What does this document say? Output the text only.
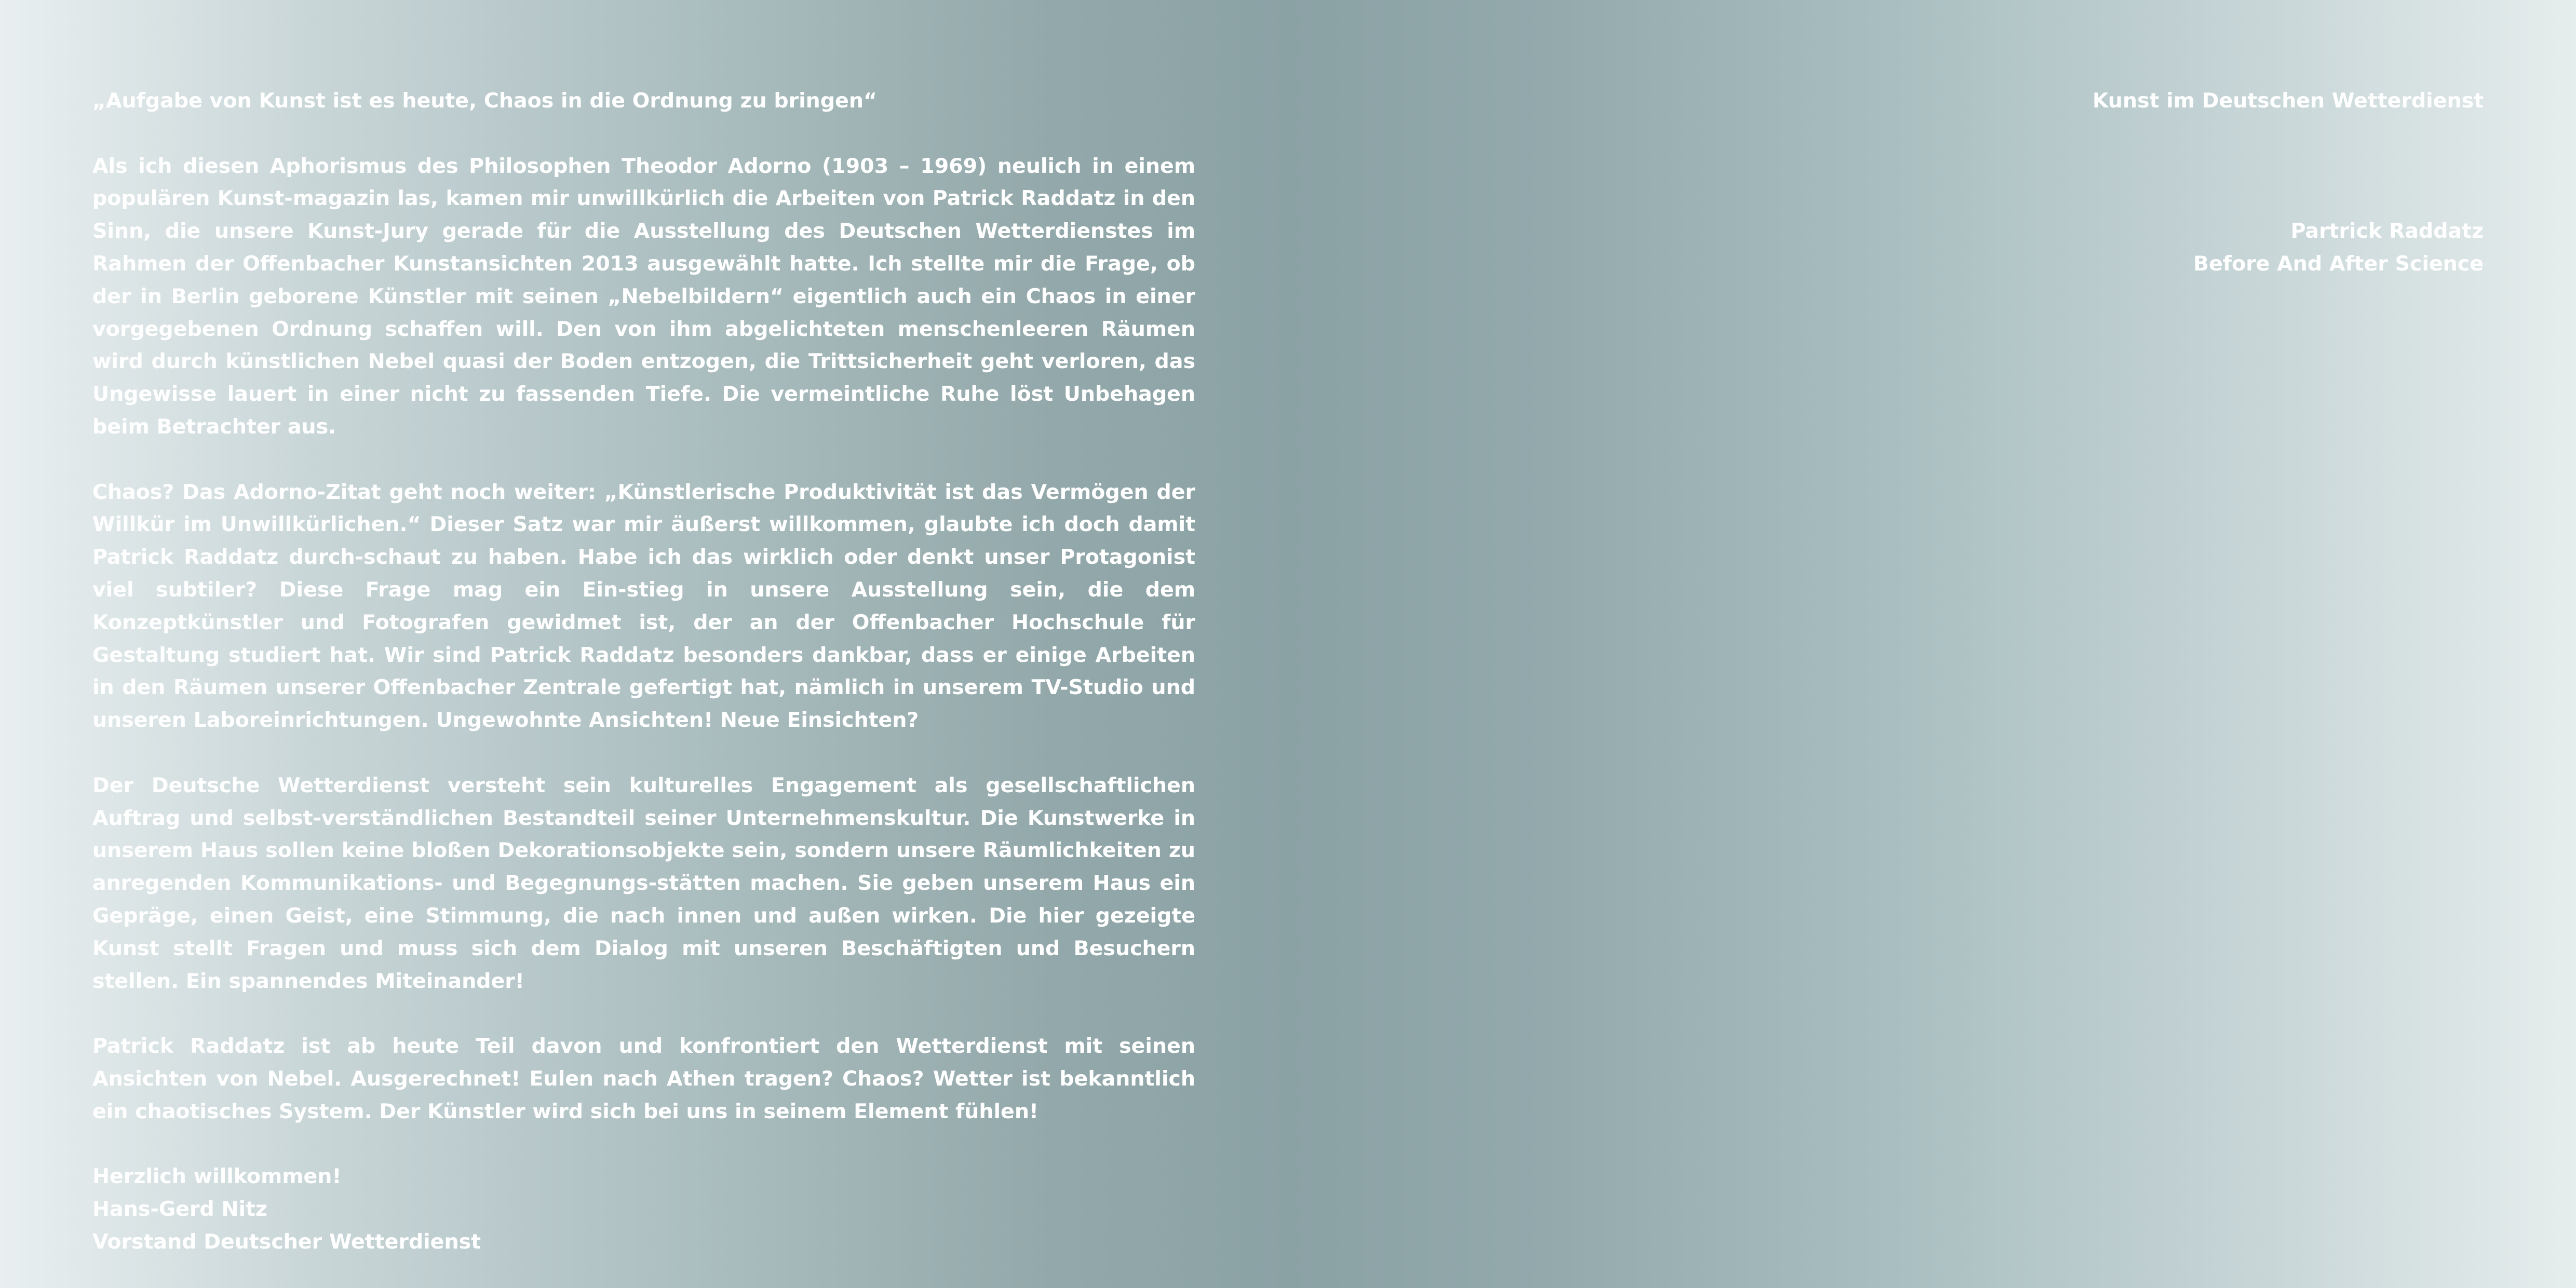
„Aufgabe von Kunst ist es heute, Chaos in die Ordnung zu bringen“

Als ich diesen Aphorismus des Philosophen Theodor Adorno (1903 – 1969) neulich in einem populären Kunst-magazin las, kamen mir unwillkürlich die Arbeiten von Patrick Raddatz in den Sinn, die unsere Kunst-Jury gerade für die Ausstellung des Deutschen Wetterdienstes im Rahmen der Offenbacher Kunstansichten 2013 ausgewählt hatte. Ich stellte mir die Frage, ob der in Berlin geborene Künstler mit seinen „Nebelbildern“ eigentlich auch ein Chaos in einer vorgegebenen Ordnung schaffen will. Den von ihm abgelichteten menschenleeren Räumen wird durch künstlichen Nebel quasi der Boden entzogen, die Trittsicherheit geht verloren, das Ungewisse lauert in einer nicht zu fassenden Tiefe. Die vermeintliche Ruhe löst Unbehagen beim Betrachter aus.

Chaos? Das Adorno-Zitat geht noch weiter: „Künstlerische Produktivität ist das Vermögen der Willkür im Unwillkürlichen.“ Dieser Satz war mir äußerst willkommen, glaubte ich doch damit Patrick Raddatz durch-schaut zu haben. Habe ich das wirklich oder denkt unser Protagonist viel subtiler? Diese Frage mag ein Ein-stieg in unsere Ausstellung sein, die dem Konzeptkünstler und Fotografen gewidmet ist, der an der Offenbacher Hochschule für Gestaltung studiert hat. Wir sind Patrick Raddatz besonders dankbar, dass er einige Arbeiten in den Räumen unserer Offenbacher Zentrale gefertigt hat, nämlich in unserem TV-Studio und unseren Laboreinrichtungen. Ungewohnte Ansichten! Neue Einsichten?

Der Deutsche Wetterdienst versteht sein kulturelles Engagement als gesellschaftlichen Auftrag und selbst-verständlichen Bestandteil seiner Unternehmenskultur. Die Kunstwerke in unserem Haus sollen keine bloßen Dekorationsobjekte sein, sondern unsere Räumlichkeiten zu anregenden Kommunikations- und Begegnungs-stätten machen. Sie geben unserem Haus ein Gepräge, einen Geist, eine Stimmung, die nach innen und außen wirken. Die hier gezeigte Kunst stellt Fragen und muss sich dem Dialog mit unseren Beschäftigten und Besuchern stellen. Ein spannendes Miteinander!

Patrick Raddatz ist ab heute Teil davon und konfrontiert den Wetterdienst mit seinen Ansichten von Nebel. Ausgerechnet! Eulen nach Athen tragen? Chaos? Wetter ist bekanntlich ein chaotisches System. Der Künstler wird sich bei uns in seinem Element fühlen!

Herzlich willkommen!
Hans-Gerd Nitz
Vorstand Deutscher Wetterdienst
Kunst im Deutschen Wetterdienst
Partrick Raddatz
Before And After Science
